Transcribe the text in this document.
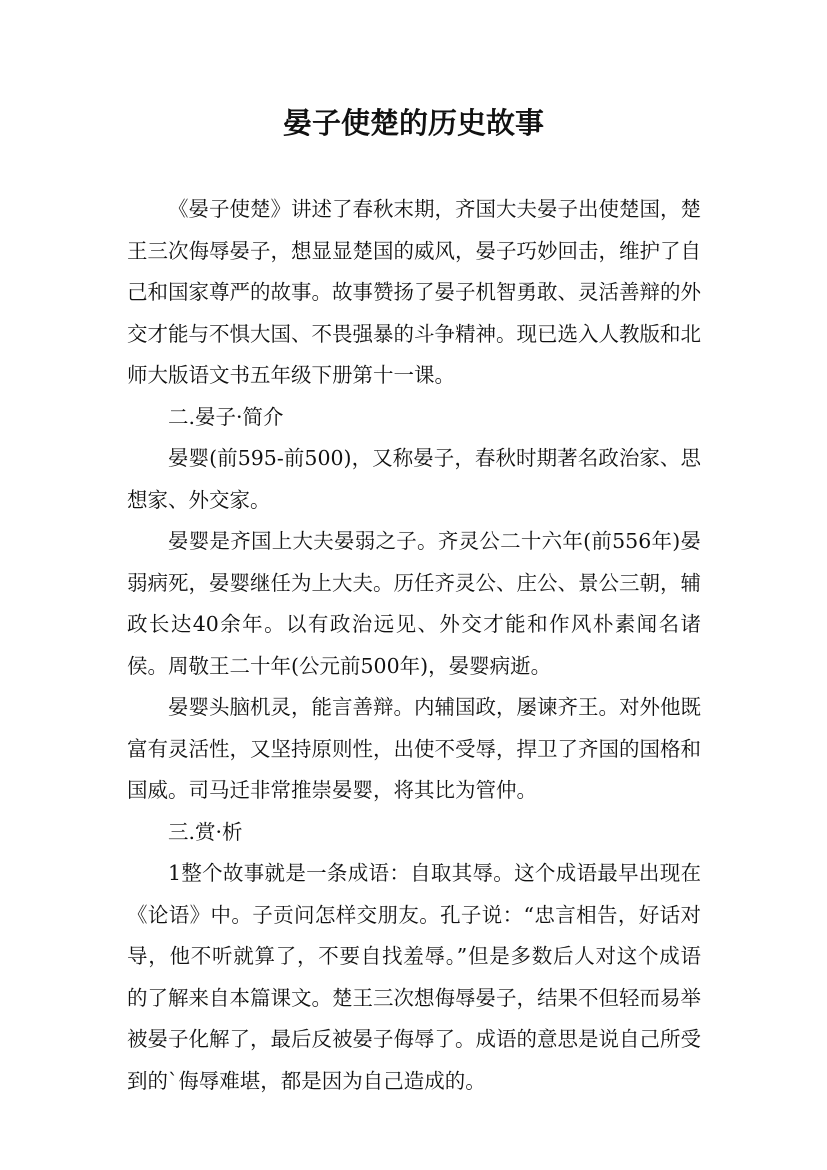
晏子使楚的历史故事

《晏子使楚》讲述了春秋末期，齐国大夫晏子出使楚国，楚王三次侮辱晏子，想显显楚国的威风，晏子巧妙回击，维护了自己和国家尊严的故事。故事赞扬了晏子机智勇敢、灵活善辩的外交才能与不惧大国、不畏强暴的斗争精神。现已选入人教版和北师大版语文书五年级下册第十一课。

二.晏子·简介

晏婴(前595-前500)，又称晏子，春秋时期著名政治家、思想家、外交家。

晏婴是齐国上大夫晏弱之子。齐灵公二十六年(前556年)晏弱病死，晏婴继任为上大夫。历任齐灵公、庄公、景公三朝，辅政长达40余年。以有政治远见、外交才能和作风朴素闻名诸侯。周敬王二十年(公元前500年)，晏婴病逝。

晏婴头脑机灵，能言善辩。内辅国政，屡谏齐王。对外他既富有灵活性，又坚持原则性，出使不受辱，捍卫了齐国的国格和国威。司马迁非常推崇晏婴，将其比为管仲。

三.赏·析

1整个故事就是一条成语：自取其辱。这个成语最早出现在《论语》中。子贡问怎样交朋友。孔子说：“忠言相告，好话对导，他不听就算了，不要自找羞辱。”但是多数后人对这个成语的了解来自本篇课文。楚王三次想侮辱晏子，结果不但轻而易举被晏子化解了，最后反被晏子侮辱了。成语的意思是说自己所受到的`侮辱难堪，都是因为自己造成的。
